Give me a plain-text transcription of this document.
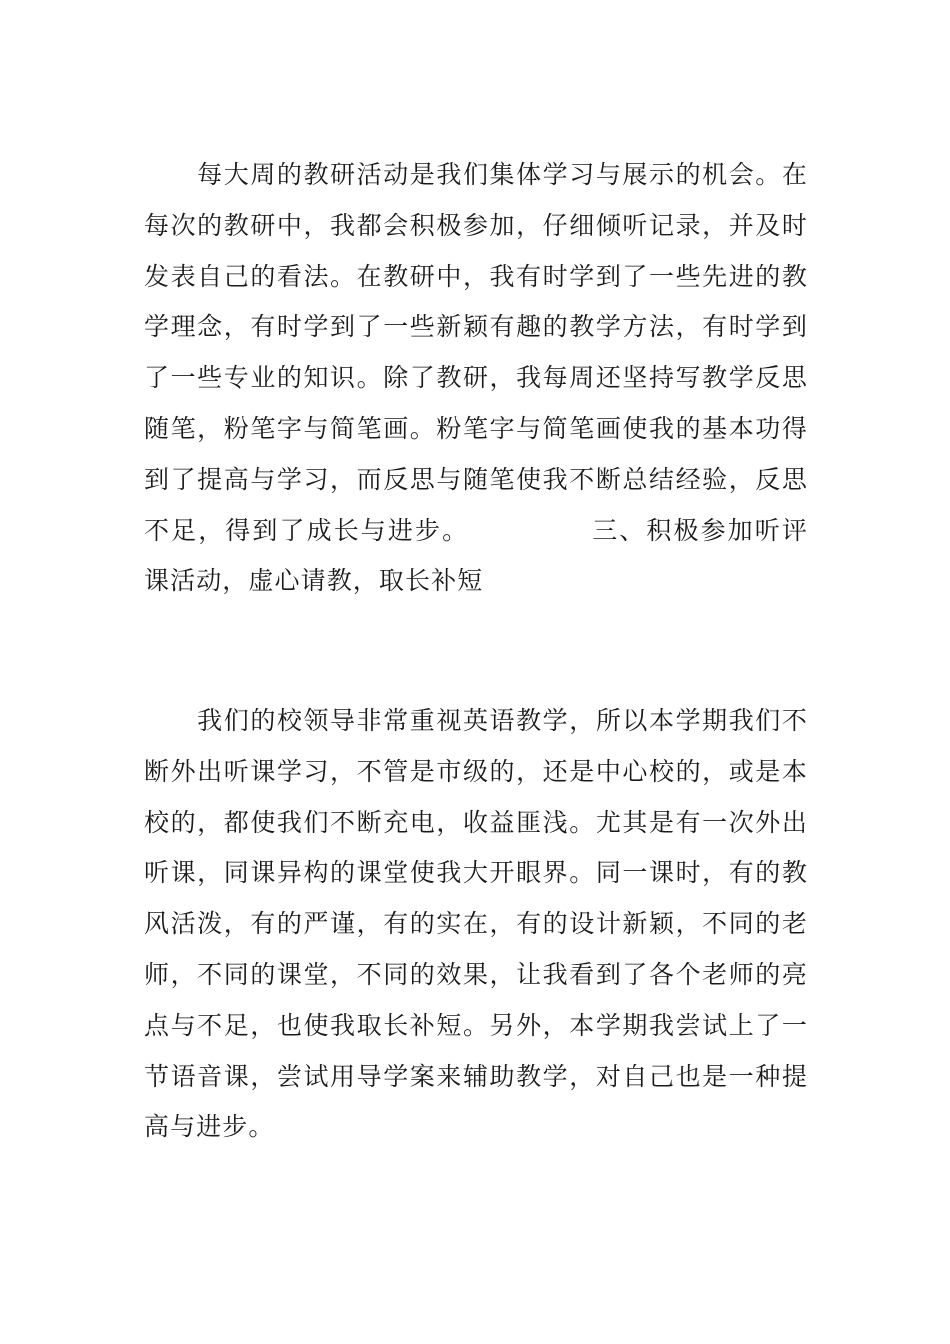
　　每大周的教研活动是我们集体学习与展示的机会。在每次的教研中，我都会积极参加，仔细倾听记录，并及时发表自己的看法。在教研中，我有时学到了一些先进的教学理念，有时学到了一些新颖有趣的教学方法，有时学到了一些专业的知识。除了教研，我每周还坚持写教学反思随笔，粉笔字与简笔画。粉笔字与简笔画使我的基本功得到了提高与学习，而反思与随笔使我不断总结经验，反思不足，得到了成长与进步。　　　　　三、积极参加听评课活动，虚心请教，取长补短

　　我们的校领导非常重视英语教学，所以本学期我们不断外出听课学习，不管是市级的，还是中心校的，或是本校的，都使我们不断充电，收益匪浅。尤其是有一次外出听课，同课异构的课堂使我大开眼界。同一课时，有的教风活泼，有的严谨，有的实在，有的设计新颖，不同的老师，不同的课堂，不同的效果，让我看到了各个老师的亮点与不足，也使我取长补短。另外，本学期我尝试上了一节语音课，尝试用导学案来辅助教学，对自己也是一种提高与进步。
